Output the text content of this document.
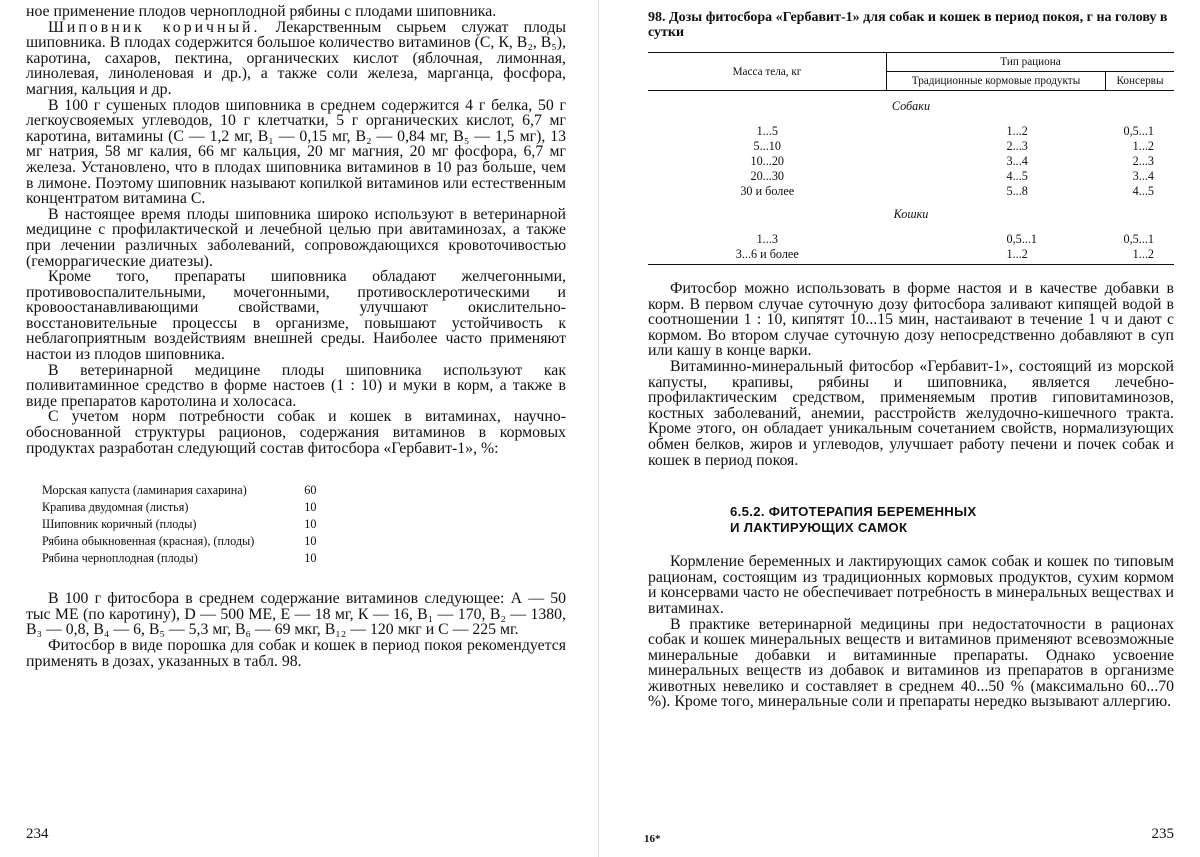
ное применение плодов черноплодной рябины с плодами шиповника.

Шиповник коричный. Лекарственным сырьем служат плоды шиповника. В плодах содержится большое количество витаминов (С, К, В₂, В₅), каротина, сахаров, пектина, органических кислот (яблочная, лимонная, линолевая, линоленовая и др.), а также соли железа, марганца, фосфора, магния, кальция и др.

В 100 г сушеных плодов шиповника в среднем содержится 4 г белка, 50 г легкоусвояемых углеводов, 10 г клетчатки, 5 г органических кислот, 6,7 мг каротина, витамины (С — 1,2 мг, В₁ — 0,15 мг, В₂ — 0,84 мг, В₅ — 1,5 мг), 13 мг натрия, 58 мг калия, 66 мг кальция, 20 мг магния, 20 мг фосфора, 6,7 мг железа. Установлено, что в плодах шиповника витаминов в 10 раз больше, чем в лимоне. Поэтому шиповник называют копилкой витаминов или естественным концентратом витамина С.

В настоящее время плоды шиповника широко используют в ветеринарной медицине с профилактической и лечебной целью при авитаминозах, а также при лечении различных заболеваний, сопровождающихся кровоточивостью (геморрагические диатезы).

Кроме того, препараты шиповника обладают желчегонными, противовоспалительными, мочегонными, противосклеротическими и кровоостанавливающими свойствами, улучшают окислительно-восстановительные процессы в организме, повышают устойчивость к неблагоприятным воздействиям внешней среды. Наиболее часто применяют настои из плодов шиповника.

В ветеринарной медицине плоды шиповника используют как поливитаминное средство в форме настоев (1 : 10) и муки в корм, а также в виде препаратов каротолина и холосаса.

С учетом норм потребности собак и кошек в витаминах, научно-обоснованной структуры рационов, содержания витаминов в кормовых продуктах разработан следующий состав фитосбора «Гербавит-1», %:

Морская капуста (ламинария сахарина)	60
Крапива двудомная (листья)	10
Шиповник коричный (плоды)	10
Рябина обыкновенная (красная), (плоды)	10
Рябина черноплодная (плоды)	10

В 100 г фитосбора в среднем содержание витаминов следующее: А — 50 тыс МЕ (по каротину), D — 500 МЕ, Е — 18 мг, К — 16, В₁ — 170, В₂ — 1380, В₃ — 0,8, В₄ — 6, В₅ — 5,3 мг, В₆ — 69 мкг, В₁₂ — 120 мкг и С — 225 мг.

Фитосбор в виде порошка для собак и кошек в период покоя рекомендуется применять в дозах, указанных в табл. 98.

234
98. Дозы фитосбора «Гербавит-1» для собак и кошек в период покоя, г на голову в сутки
Масса тела, кг	Тип рациона	
	Традиционные кормовые продукты	Консервы
Собаки		
1...5	1...2	0,5...1
5...10	2...3	1...2
10...20	3...4	2...3
20...30	4...5	3...4
30 и более	5...8	4...5
Кошки		
1...3	0,5...1	0,5...1
3...6 и более	1...2	1...2

Фитосбор можно использовать в форме настоя и в качестве добавки в корм. В первом случае суточную дозу фитосбора заливают кипящей водой в соотношении 1 : 10, кипятят 10...15 мин, настаивают в течение 1 ч и дают с кормом. Во втором случае суточную дозу непосредственно добавляют в суп или кашу в конце варки.

Витаминно-минеральный фитосбор «Гербавит-1», состоящий из морской капусты, крапивы, рябины и шиповника, является лечебно-профилактическим средством, применяемым против гиповитаминозов, костных заболеваний, анемии, расстройств желудочно-кишечного тракта. Кроме этого, он обладает уникальным сочетанием свойств, нормализующих обмен белков, жиров и углеводов, улучшает работу печени и почек собак и кошек в период покоя.

6.5.2. ФИТОТЕРАПИЯ БЕРЕМЕННЫХ
И ЛАКТИРУЮЩИХ САМОК

Кормление беременных и лактирующих самок собак и кошек по типовым рационам, состоящим из традиционных кормовых продуктов, сухим кормом и консервами часто не обеспечивает потребность в минеральных веществах и витаминах.

В практике ветеринарной медицины при недостаточности в рационах собак и кошек минеральных веществ и витаминов применяют всевозможные минеральные добавки и витаминные препараты. Однако усвоение минеральных веществ из добавок и витаминов из препаратов в организме животных невелико и составляет в среднем 40...50 % (максимально 60...70 %). Кроме того, минеральные соли и препараты нередко вызывают аллергию.

16*	235
